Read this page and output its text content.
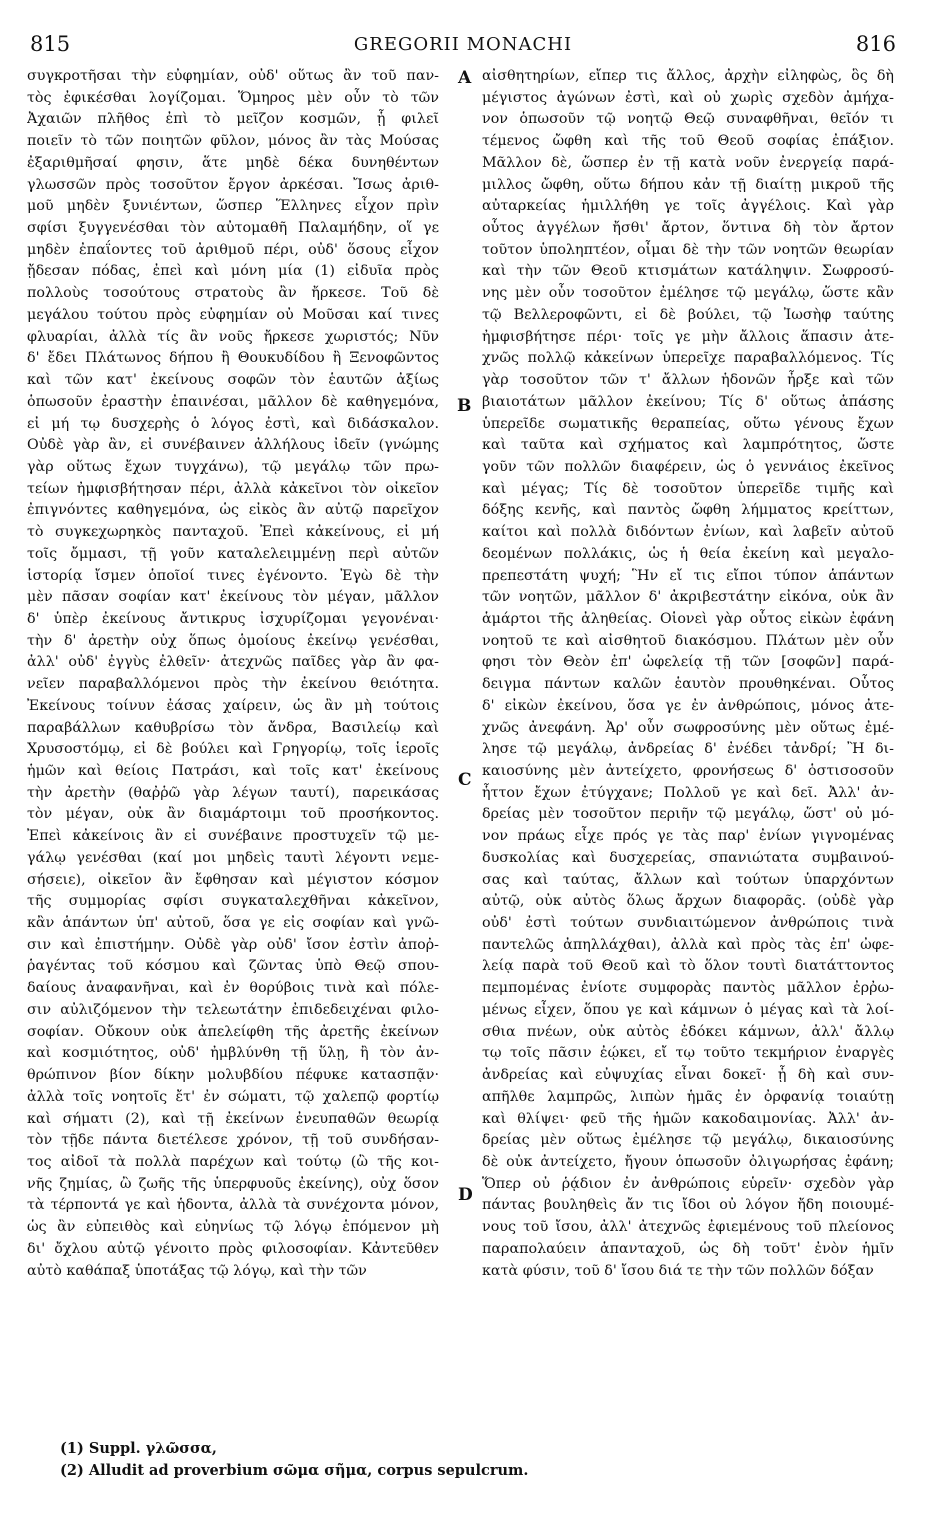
815	GREGORII MONACHI	816
συγκροτῆσαι τὴν εὐφημίαν, οὐδ' οὕτως ἂν τοῦ παν-
τὸς ἐφικέσθαι λογίζομαι. Ὅμηρος μὲν οὖν τὸ τῶν
Ἀχαιῶν πλῆθος ἐπὶ τὸ μεῖζον κοσμῶν, ᾗ φιλεῖ
ποιεῖν τὸ τῶν ποιητῶν φῦλον, μόνος ἂν τὰς Μούσας
ἐξαριθμῆσαί φησιν, ἅτε μηδὲ δέκα δυνηθέντων
γλωσσῶν πρὸς τοσοῦτον ἔργον ἀρκέσαι. Ἴσως ἀριθ-
μοῦ μηδὲν ξυνιέντων, ὥσπερ Ἕλληνες εἶχον πρὶν
σφίσι ξυγγενέσθαι τὸν αὐτομαθῆ Παλαμήδην, οἵ γε
μηδὲν ἐπαΐοντες τοῦ ἀριθμοῦ πέρι, οὐδ' ὅσους εἶχον
ᾔδεσαν πόδας, ἐπεὶ καὶ μόνη μία (1) εἰδυῖα πρὸς
πολλοὺς τοσούτους στρατοὺς ἂν ἤρκεσε. Τοῦ δὲ
μεγάλου τούτου πρὸς εὐφημίαν οὐ Μοῦσαι καί τινες
φλυαρίαι, ἀλλὰ τίς ἂν νοῦς ἤρκεσε χωριστός; Νῦν
δ' ἔδει Πλάτωνος δήπου ἢ Θουκυδίδου ἢ Ξενοφῶντος
καὶ τῶν κατ' ἐκείνους σοφῶν τὸν ἑαυτῶν ἀξίως
ὁπωσοῦν ἐραστὴν ἐπαινέσαι, μᾶλλον δὲ καθηγεμόνα,
εἰ μή τῳ δυσχερὴς ὁ λόγος ἐστὶ, καὶ διδάσκαλον.
Οὐδὲ γὰρ ἂν, εἰ συνέβαινεν ἀλλήλους ἰδεῖν (γνώμης
γὰρ οὕτως ἔχων τυγχάνω), τῷ μεγάλῳ τῶν πρω-
τείων ἠμφισβήτησαν πέρι, ἀλλὰ κἀκεῖνοι τὸν οἰκεῖον
ἐπιγνόντες καθηγεμόνα, ὡς εἰκὸς ἂν αὐτῷ παρεῖχον
τὸ συγκεχωρηκὸς πανταχοῦ. Ἐπεὶ κἀκείνους, εἰ μή
τοῖς ὄμμασι, τῇ γοῦν καταλελειμμένῃ περὶ αὐτῶν
ἱστορίᾳ ἴσμεν ὁποῖοί τινες ἐγένοντο. Ἐγὼ δὲ τὴν
μὲν πᾶσαν σοφίαν κατ' ἐκείνους τὸν μέγαν, μᾶλλον
δ' ὑπὲρ ἐκείνους ἄντικρυς ἰσχυρίζομαι γεγονέναι·
τὴν δ' ἀρετὴν οὐχ ὅπως ὁμοίους ἐκείνῳ γενέσθαι,
ἀλλ' οὐδ' ἐγγὺς ἐλθεῖν· ἀτεχνῶς παῖδες γὰρ ἂν φα-
νεῖεν παραβαλλόμενοι πρὸς τὴν ἐκείνου θειότητα.
Ἐκείνους τοίνυν ἐάσας χαίρειν, ὡς ἂν μὴ τούτοις
παραβάλλων καθυβρίσω τὸν ἄνδρα, Βασιλείῳ καὶ
Χρυσοστόμῳ, εἰ δὲ βούλει καὶ Γρηγορίῳ, τοῖς ἱεροῖς
ἡμῶν καὶ θείοις Πατράσι, καὶ τοῖς κατ' ἐκείνους
τὴν ἀρετὴν (θαῤῥῶ γὰρ λέγων ταυτί), παρεικάσας
τὸν μέγαν, οὐκ ἂν διαμάρτοιμι τοῦ προσήκοντος.
Ἐπεὶ κἀκείνοις ἂν εἰ συνέβαινε προστυχεῖν τῷ με-
γάλῳ γενέσθαι (καί μοι μηδεὶς ταυτὶ λέγοντι νεμε-
σήσειε), οἰκεῖον ἂν ἔφθησαν καὶ μέγιστον κόσμον
τῆς συμμορίας σφίσι συγκαταλεχθῆναι κἀκεῖνον,
κἂν ἁπάντων ὑπ' αὐτοῦ, ὅσα γε εἰς σοφίαν καὶ γνῶ-
σιν καὶ ἐπιστήμην. Οὐδὲ γὰρ οὐδ' ἴσον ἐστὶν ἀποῤ-
ῥαγέντας τοῦ κόσμου καὶ ζῶντας ὑπὸ Θεῷ σπου-
δαίους ἀναφανῆναι, καὶ ἐν θορύβοις τινὰ καὶ πόλε-
σιν αὐλιζόμενον τὴν τελεωτάτην ἐπιδεδειχέναι φιλο-
σοφίαν. Οὔκουν οὐκ ἀπελείφθη τῆς ἀρετῆς ἐκείνων
καὶ κοσμιότητος, οὐδ' ἠμβλύνθη τῇ ὕλῃ, ἢ τὸν ἀν-
θρώπινον βίον δίκην μολυβδίου πέφυκε κατασπᾷν·
ἀλλὰ τοῖς νοητοῖς ἔτ' ἐν σώματι, τῷ χαλεπῷ φορτίῳ
καὶ σήματι (2), καὶ τῇ ἐκείνων ἐνευπαθῶν θεωρίᾳ
τὸν τῇδε πάντα διετέλεσε χρόνον, τῇ τοῦ συνδήσαν-
τος αἰδοῖ τὰ πολλὰ παρέχων καὶ τούτῳ (ὢ τῆς κοι-
νῆς ζημίας, ὢ ζωῆς τῆς ὑπερφυοῦς ἐκείνης), οὐχ ὅσον
τὰ τέρποντά γε καὶ ἡδοντα, ἀλλὰ τὰ συνέχοντα μόνον,
ὡς ἂν εὐπειθὸς καὶ εὐηνίως τῷ λόγῳ ἑπόμενον μὴ
δι' ὄχλου αὐτῷ γένοιτο πρὸς φιλοσοφίαν. Κἀντεῦθεν
αὐτὸ καθάπαξ ὑποτάξας τῷ λόγῳ, καὶ τὴν τῶν
αἰσθητηρίων, εἴπερ τις ἄλλος, ἀρχὴν εἰληφὼς, ὃς δὴ
μέγιστος ἀγώνων ἐστὶ, καὶ οὐ χωρὶς σχεδὸν ἀμήχα-
νον ὁπωσοῦν τῷ νοητῷ Θεῷ συναφθῆναι, θεῖόν τι
τέμενος ὤφθη καὶ τῆς τοῦ Θεοῦ σοφίας ἐπάξιον.
Μᾶλλον δὲ, ὥσπερ ἐν τῇ κατὰ νοῦν ἐνεργείᾳ παρά-
μιλλος ὤφθη, οὕτω δήπου κἀν τῇ διαίτῃ μικροῦ τῆς
αὐταρκείας ἡμιλλήθη γε τοῖς ἀγγέλοις. Καὶ γὰρ
οὗτος ἀγγέλων ἤσθι' ἄρτον, ὅντινα δὴ τὸν ἄρτον
τοῦτον ὑποληπτέον, οἶμαι δὲ τὴν τῶν νοητῶν θεωρίαν
καὶ τὴν τῶν Θεοῦ κτισμάτων κατάληψιν. Σωφροσύ-
νης μὲν οὖν τοσοῦτον ἐμέλησε τῷ μεγάλῳ, ὥστε κἂν
τῷ Βελλεροφῶντι, εἰ δὲ βούλει, τῷ Ἰωσὴφ ταύτης
ἠμφισβήτησε πέρι· τοῖς γε μὴν ἄλλοις ἅπασιν ἀτε-
χνῶς πολλῷ κἀκείνων ὑπερεῖχε παραβαλλόμενος. Τίς
γὰρ τοσοῦτον τῶν τ' ἄλλων ἡδονῶν ἦρξε καὶ τῶν
βιαιοτάτων μᾶλλον ἐκείνου; Τίς δ' οὕτως ἁπάσης
ὑπερεῖδε σωματικῆς θεραπείας, οὕτω γένους ἔχων
καὶ ταῦτα καὶ σχήματος καὶ λαμπρότητος, ὥστε
γοῦν τῶν πολλῶν διαφέρειν, ὡς ὁ γεννάιος ἐκεῖνος
καὶ μέγας; Τίς δὲ τοσοῦτον ὑπερεῖδε τιμῆς καὶ
δόξης κενῆς, καὶ παντὸς ὤφθη λήμματος κρείττων,
καίτοι καὶ πολλὰ διδόντων ἐνίων, καὶ λαβεῖν αὐτοῦ
δεομένων πολλάκις, ὡς ἡ θεία ἐκείνη καὶ μεγαλο-
πρεπεστάτη ψυχή; Ἣν εἴ τις εἴποι τύπον ἁπάντων
τῶν νοητῶν, μᾶλλον δ' ἀκριβεστάτην εἰκόνα, οὐκ ἂν
ἁμάρτοι τῆς ἀληθείας. Οἱονεὶ γὰρ οὗτος εἰκὼν ἐφάνη
νοητοῦ τε καὶ αἰσθητοῦ διακόσμου. Πλάτων μὲν οὖν
φησι τὸν Θεὸν ἐπ' ὠφελείᾳ τῇ τῶν [σοφῶν] παρά-
δειγμα πάντων καλῶν ἑαυτὸν προυθηκέναι. Οὗτος
δ' εἰκὼν ἐκείνου, ὅσα γε ἐν ἀνθρώποις, μόνος ἀτε-
χνῶς ἀνεφάνη. Ἀρ' οὖν σωφροσύνης μὲν οὕτως ἐμέ-
λησε τῷ μεγάλῳ, ἀνδρείας δ' ἐνέδει τἀνδρί; Ἢ δι-
καιοσύνης μὲν ἀντείχετο, φρονήσεως δ' ὁστισοσοῦν
ἧττον ἔχων ἐτύγχανε; Πολλοῦ γε καὶ δεῖ. Ἀλλ' ἀν-
δρείας μὲν τοσοῦτον περιῆν τῷ μεγάλῳ, ὥστ' οὐ μό-
νον πράως εἶχε πρός γε τὰς παρ' ἐνίων γιγνομένας
δυσκολίας καὶ δυσχερείας, σπανιώτατα συμβαινού-
σας καὶ ταύτας, ἄλλων καὶ τούτων ὑπαρχόντων
αὐτῷ, οὐκ αὐτὸς ὅλως ἄρχων διαφορᾶς. (οὐδὲ γὰρ
οὐδ' ἐστὶ τούτων συνδιαιτώμενον ἀνθρώποις τινὰ
παντελῶς ἀπηλλάχθαι), ἀλλὰ καὶ πρὸς τὰς ἐπ' ὠφε-
λείᾳ παρὰ τοῦ Θεοῦ καὶ τὸ ὅλον τουτὶ διατάττοντος
πεμπομένας ἐνίοτε συμφορὰς παντὸς μᾶλλον ἐρῤω-
μένως εἶχεν, ὅπου γε καὶ κάμνων ὁ μέγας καὶ τὰ λοί-
σθια πνέων, οὐκ αὐτὸς ἐδόκει κάμνων, ἀλλ' ἄλλῳ
τῳ τοῖς πᾶσιν ἐῴκει, εἴ τῳ τοῦτο τεκμήριον ἐναργὲς
ἀνδρείας καὶ εὐψυχίας εἶναι δοκεῖ· ᾗ δὴ καὶ συν-
απῆλθε λαμπρῶς, λιπὼν ἡμᾶς ἐν ὀρφανίᾳ τοιαύτῃ
καὶ θλίψει· φεῦ τῆς ἡμῶν κακοδαιμονίας. Ἀλλ' ἀν-
δρείας μὲν οὕτως ἐμέλησε τῷ μεγάλῳ, δικαιοσύνης
δὲ οὐκ ἀντείχετο, ἤγουν ὁπωσοῦν ὀλιγωρήσας ἐφάνη;
Ὅπερ οὐ ῥᾴδιον ἐν ἀνθρώποις εὑρεῖν· σχεδὸν γὰρ
πάντας βουληθεὶς ἄν τις ἴδοι οὐ λόγον ἤδη ποιουμέ-
νους τοῦ ἴσου, ἀλλ' ἀτεχνῶς ἐφιεμένους τοῦ πλείονος
παραπολαύειν ἁπανταχοῦ, ὡς δὴ τοῦτ' ἐνὸν ἡμῖν
κατὰ φύσιν, τοῦ δ' ἴσου διά τε τὴν τῶν πολλῶν δόξαν
A
B
C
D
(1) Suppl. γλῶσσα,
(2) Alludit ad proverbium σῶμα σῆμα, corpus sepulcrum.
